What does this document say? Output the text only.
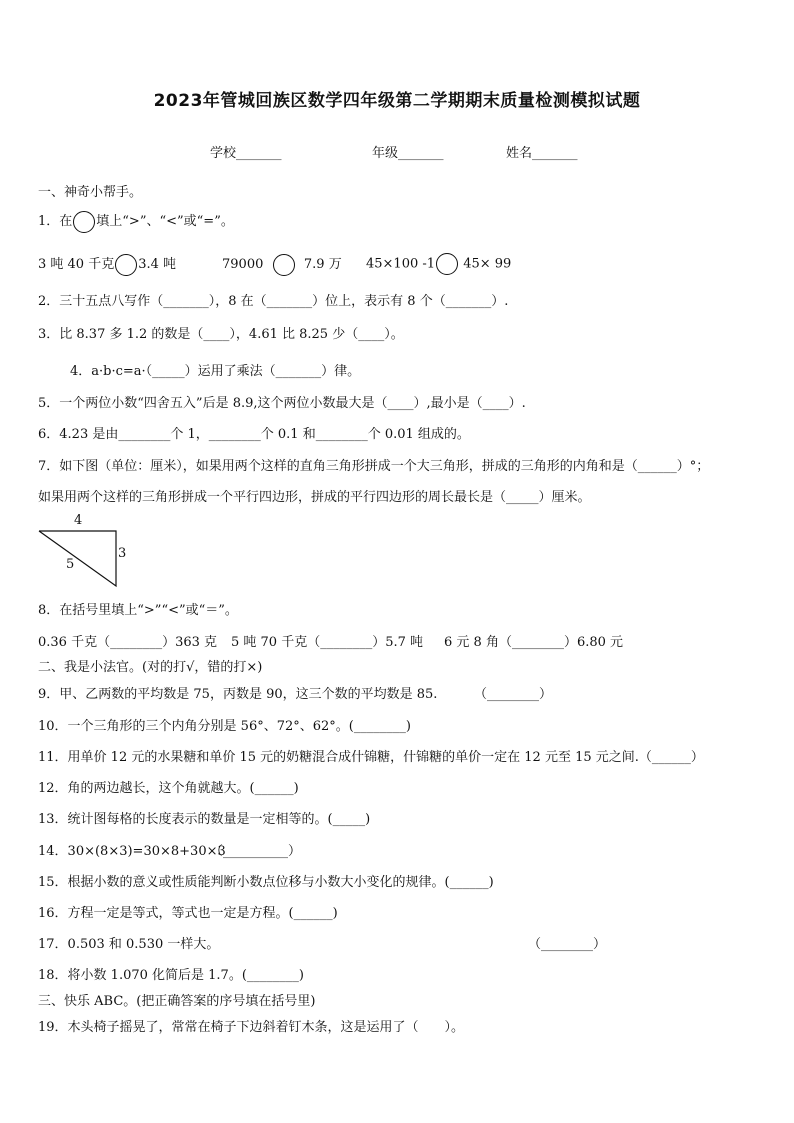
2023年管城回族区数学四年级第二学期期末质量检测模拟试题
学校_______	年级_______	姓名_______
一、神奇小帮手。
1．在 填上“>”、“<”或“=”。
3 吨 40 千克 3.4 吨	79000	7.9 万 45×100 -1 45× 99
2．三十五点八写作（_______），8 在（_______）位上，表示有 8 个（_______）.
3．比 8.37 多 1.2 的数是（____），4.61 比 8.25 少（____）。
4．a·b·c=a·（_____）运用了乘法（_______）律。
5．一个两位小数“四舍五入”后是 8.9,这个两位小数最大是（____）,最小是（____）.
6．4.23 是由________个 1，________个 0.1 和________个 0.01 组成的。
7．如下图（单位：厘米），如果用两个这样的直角三角形拼成一个大三角形，拼成的三角形的内角和是（______）°；
如果用两个这样的三角形拼成一个平行四边形，拼成的平行四边形的周长最长是（_____）厘米。
4
3
5
8．在括号里填上“>”“<”或“＝”。
0.36 千克（________）363 克 5 吨 70 千克（________）5.7 吨 6 元 8 角（________）6.80 元
二、我是小法官。(对的打√，错的打×)
9．甲、乙两数的平均数是 75，丙数是 90，这三个数的平均数是 85.	（________）
10．一个三角形的三个内角分别是 56°、72°、62°。(________)
11．用单价 12 元的水果糖和单价 15 元的奶糖混合成什锦糖，什锦糖的单价一定在 12 元至 15 元之间.（______）
12．角的两边越长，这个角就越大。(______)
13．统计图每格的长度表示的数量是一定相等的。(_____)
14．30×(8×3)=30×8+30×3
（__________）
15．根据小数的意义或性质能判断小数点位移与小数大小变化的规律。(______)
16．方程一定是等式，等式也一定是方程。(______)
17．0.503 和 0.530 一样大。	（________）
18．将小数 1.070 化简后是 1.7。(________)
三、快乐 ABC。(把正确答案的序号填在括号里)
19．木头椅子摇晃了，常常在椅子下边斜着钉木条，这是运用了（　　）。
